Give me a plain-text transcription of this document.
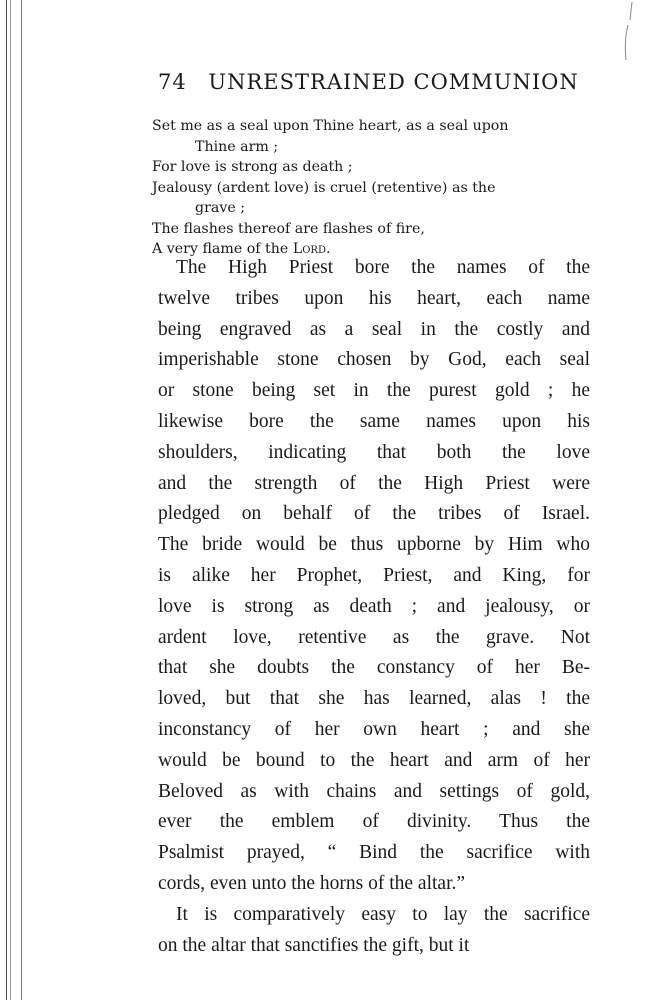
74 UNRESTRAINED COMMUNION
Set me as a seal upon Thine heart, as a seal upon
Thine arm ;
For love is strong as death ;
Jealousy (ardent love) is cruel (retentive) as the
grave ;
The flashes thereof are flashes of fire,
A very flame of the Lord.
The High Priest bore the names of the
twelve tribes upon his heart, each name
being engraved as a seal in the costly and
imperishable stone chosen by God, each seal
or stone being set in the purest gold ; he
likewise bore the same names upon his
shoulders, indicating that both the love
and the strength of the High Priest were
pledged on behalf of the tribes of Israel.
The bride would be thus upborne by Him who
is alike her Prophet, Priest, and King, for
love is strong as death ; and jealousy, or
ardent love, retentive as the grave. Not
that she doubts the constancy of her Be-
loved, but that she has learned, alas ! the
inconstancy of her own heart ; and she
would be bound to the heart and arm of her
Beloved as with chains and settings of gold,
ever the emblem of divinity. Thus the
Psalmist prayed, “ Bind the sacrifice with
cords, even unto the horns of the altar.”
It is comparatively easy to lay the sacrifice
on the altar that sanctifies the gift, but it
